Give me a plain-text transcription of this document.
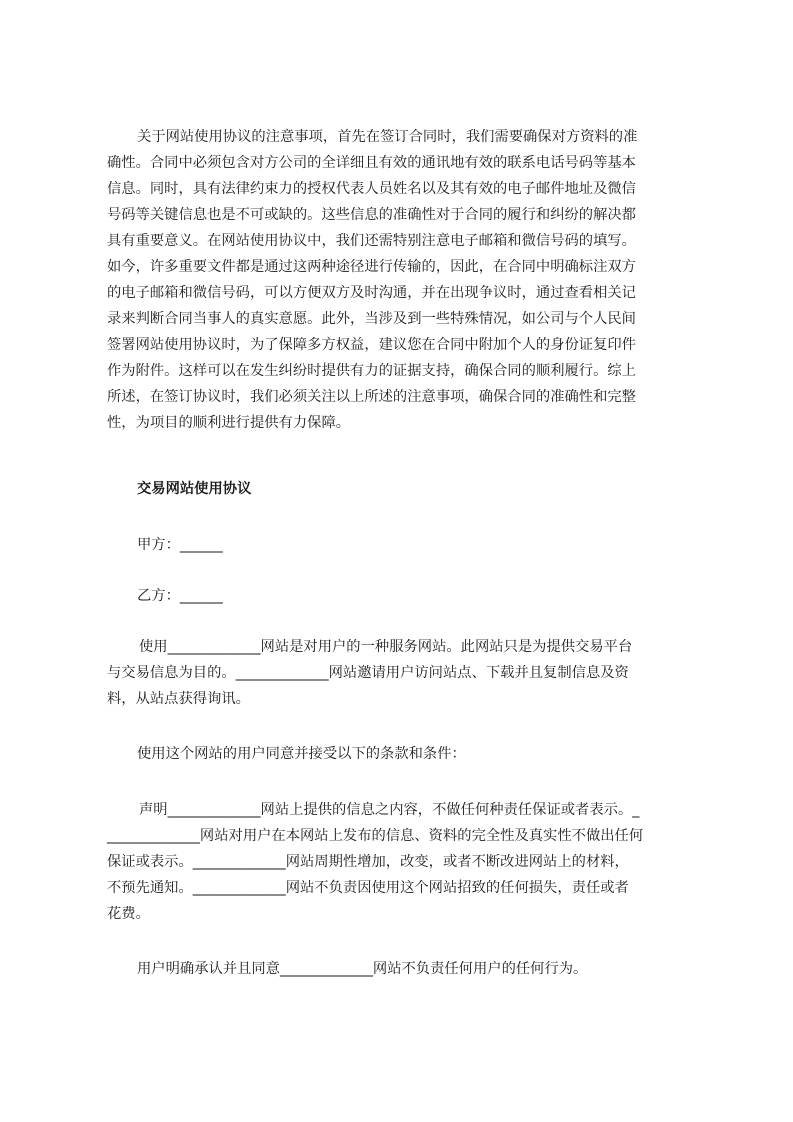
关于网站使用协议的注意事项，首先在签订合同时，我们需要确保对方资料的准
确性。合同中必须包含对方公司的全详细且有效的通讯地有效的联系电话号码等基本
信息。同时，具有法律约束力的授权代表人员姓名以及其有效的电子邮件地址及微信
号码等关键信息也是不可或缺的。这些信息的准确性对于合同的履行和纠纷的解决都
具有重要意义。在网站使用协议中，我们还需特别注意电子邮箱和微信号码的填写。
如今，许多重要文件都是通过这两种途径进行传输的，因此，在合同中明确标注双方
的电子邮箱和微信号码，可以方便双方及时沟通，并在出现争议时，通过查看相关记
录来判断合同当事人的真实意愿。此外，当涉及到一些特殊情况，如公司与个人民间
签署网站使用协议时，为了保障多方权益，建议您在合同中附加个人的身份证复印件
作为附件。这样可以在发生纠纷时提供有力的证据支持，确保合同的顺利履行。综上
所述，在签订协议时，我们必须关注以上所述的注意事项，确保合同的准确性和完整
性，为项目的顺利进行提供有力保障。
交易网站使用协议
甲方：______
乙方：______
使用_____________网站是对用户的一种服务网站。此网站只是为提供交易平台
与交易信息为目的。_____________网站邀请用户访问站点、下载并且复制信息及资
料，从站点获得询讯。
使用这个网站的用户同意并接受以下的条款和条件：
声明_____________网站上提供的信息之内容，不做任何种责任保证或者表示。_
_____________网站对用户在本网站上发布的信息、资料的完全性及真实性不做出任何
保证或表示。_____________网站周期性增加，改变，或者不断改进网站上的材料，
不预先通知。_____________网站不负责因使用这个网站招致的任何损失，责任或者
花费。
用户明确承认并且同意_____________网站不负责任何用户的任何行为。
